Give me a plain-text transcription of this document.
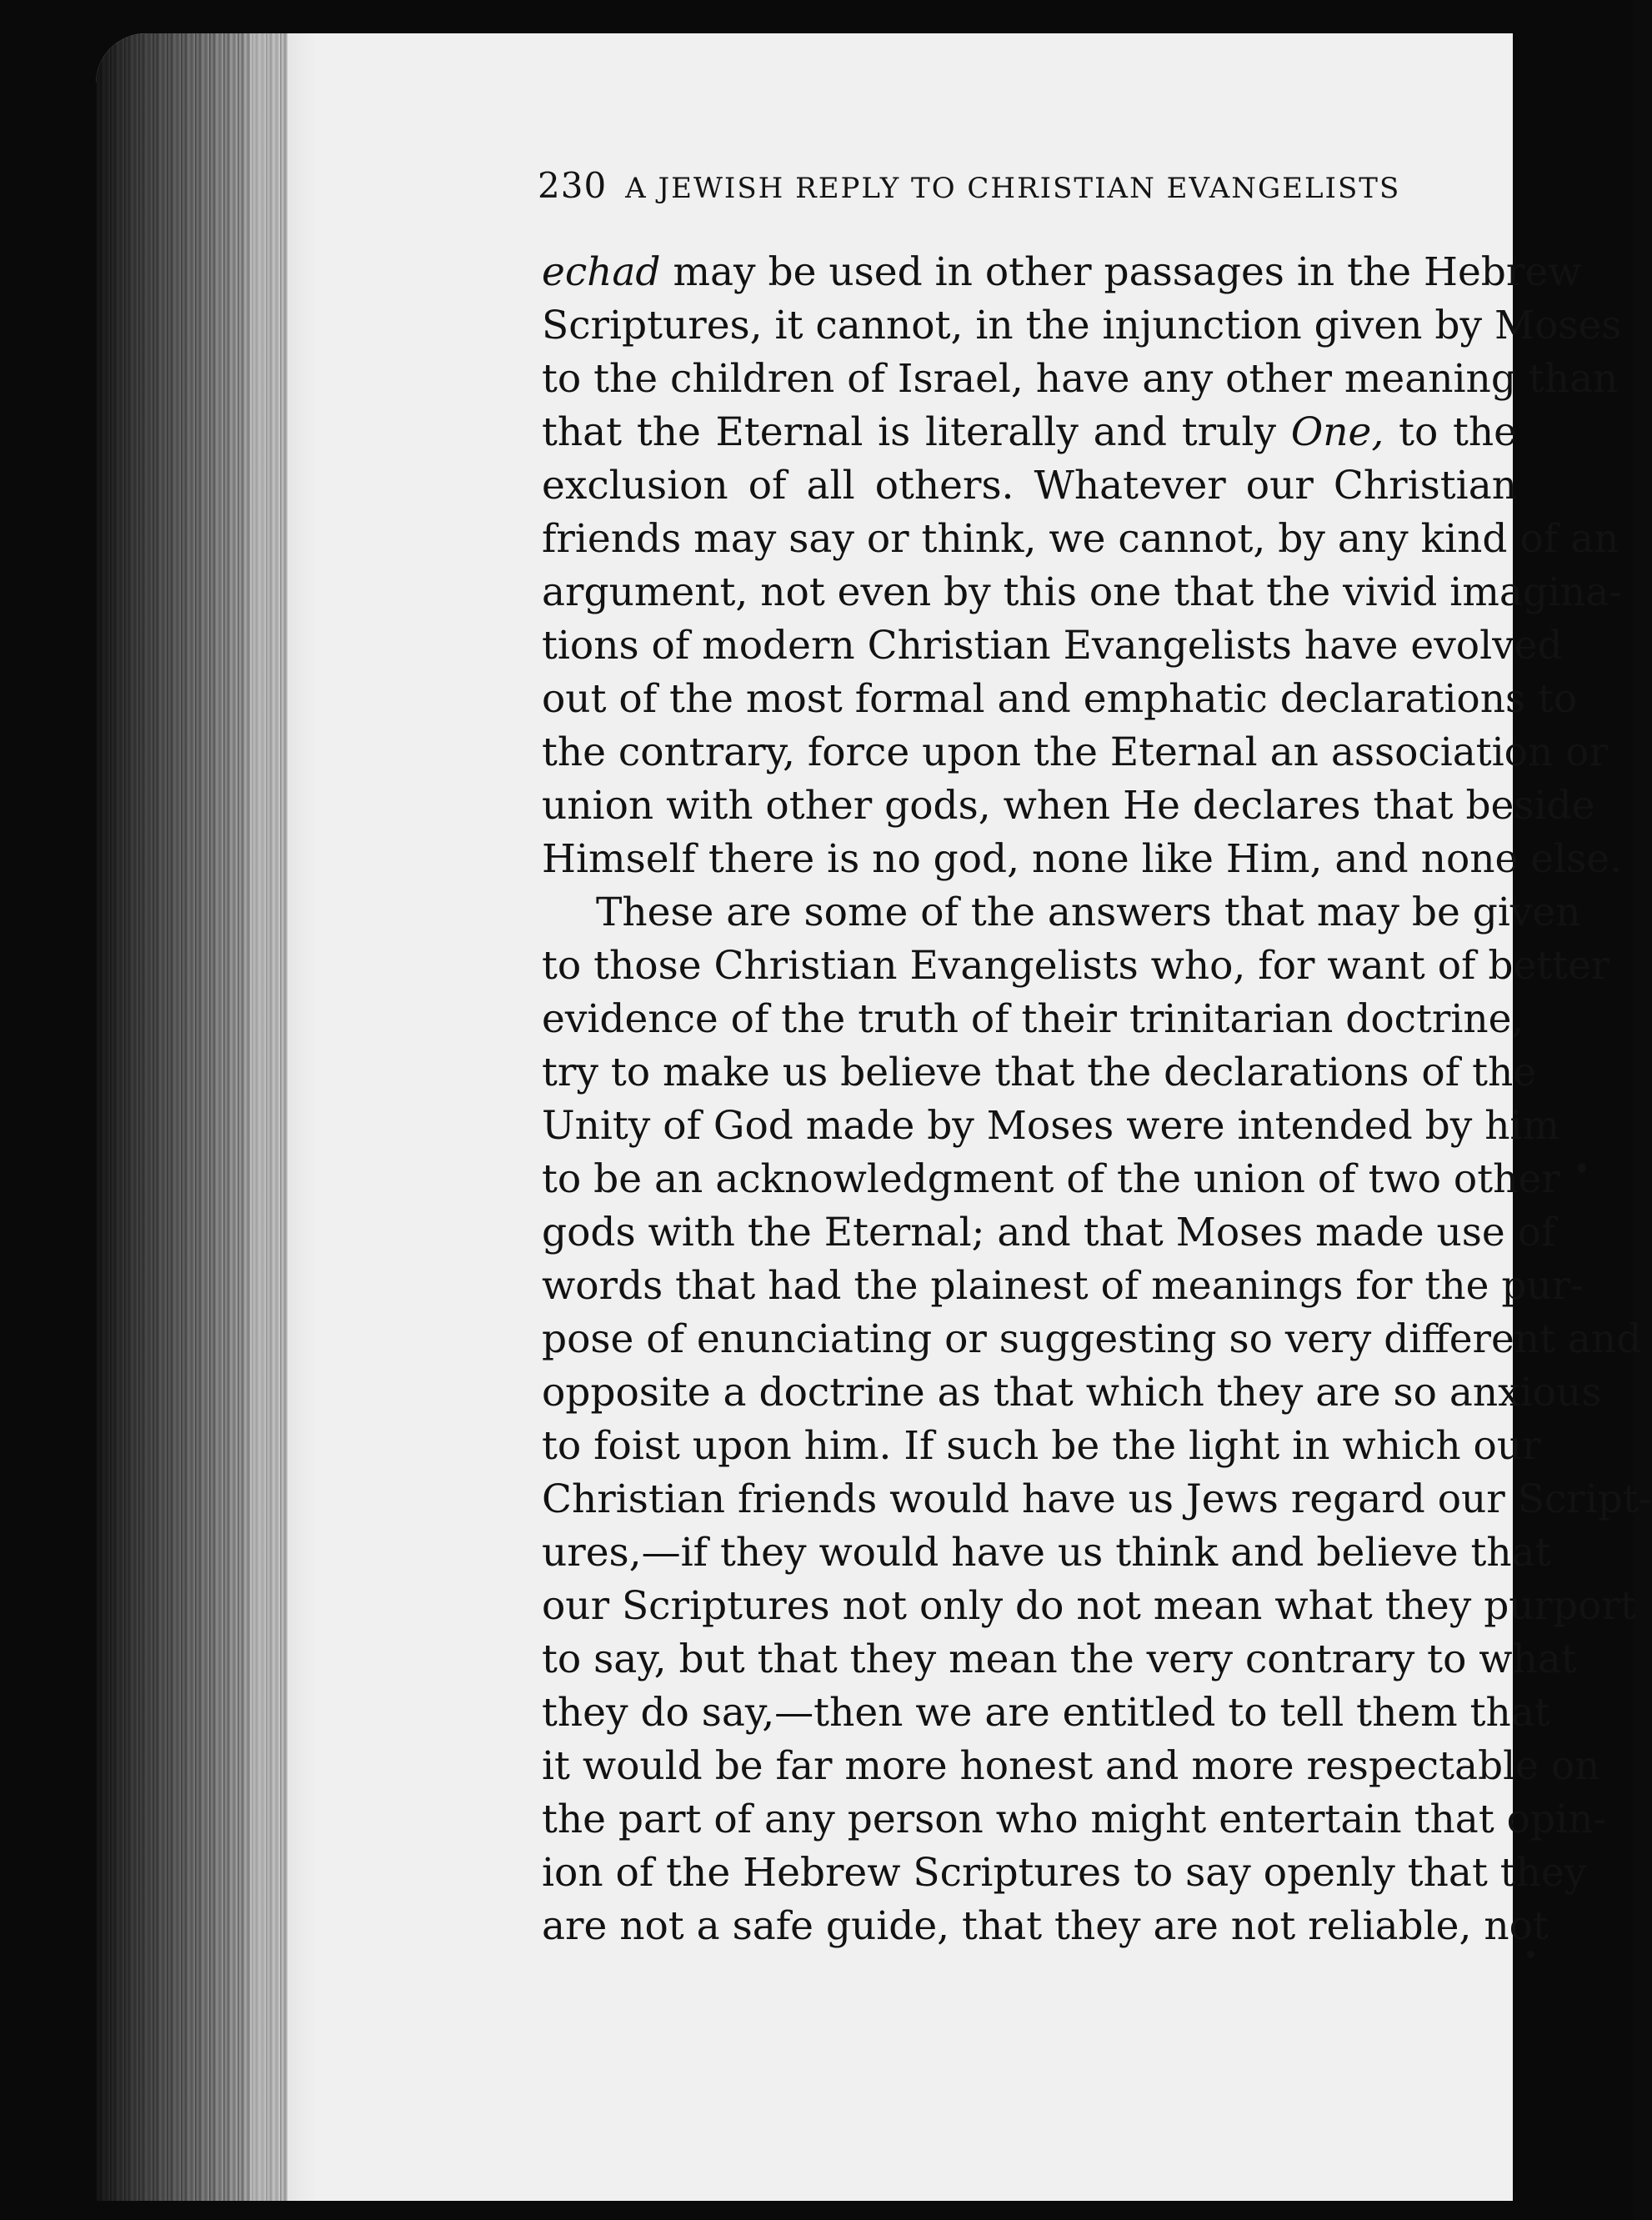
230 A JEWISH REPLY TO CHRISTIAN EVANGELISTS
echad may be used in other passages in the Hebrew
Scriptures, it cannot, in the injunction given by Moses
to the children of Israel, have any other meaning than
that the Eternal is literally and truly One, to the
exclusion of all others. Whatever our Christian
friends may say or think, we cannot, by any kind of an
argument, not even by this one that the vivid imagina-
tions of modern Christian Evangelists have evolved
out of the most formal and emphatic declarations to
the contrary, force upon the Eternal an association or
union with other gods, when He declares that beside
Himself there is no god, none like Him, and none else.
These are some of the answers that may be given
to those Christian Evangelists who, for want of better
evidence of the truth of their trinitarian doctrine,
try to make us believe that the declarations of the
Unity of God made by Moses were intended by him
to be an acknowledgment of the union of two other
gods with the Eternal; and that Moses made use of
words that had the plainest of meanings for the pur-
pose of enunciating or suggesting so very different and
opposite a doctrine as that which they are so anxious
to foist upon him. If such be the light in which our
Christian friends would have us Jews regard our Script-
ures,—if they would have us think and believe that
our Scriptures not only do not mean what they purport
to say, but that they mean the very contrary to what
they do say,—then we are entitled to tell them that
it would be far more honest and more respectable on
the part of any person who might entertain that opin-
ion of the Hebrew Scriptures to say openly that they
are not a safe guide, that they are not reliable, not
